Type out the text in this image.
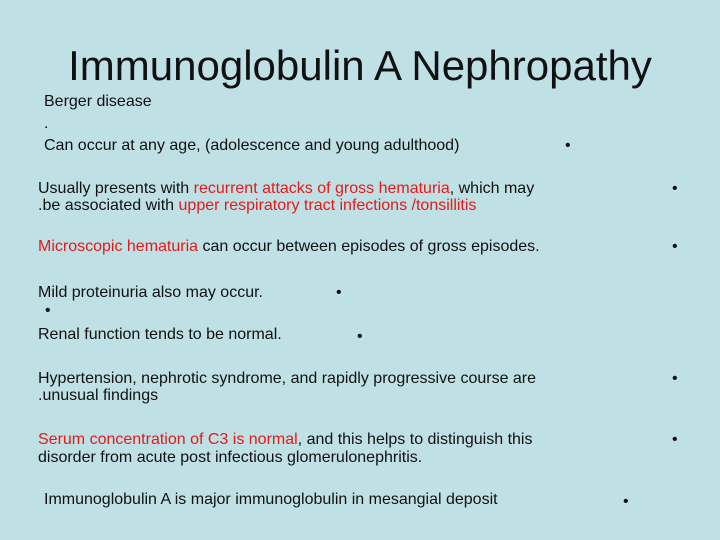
Immunoglobulin A Nephropathy
Berger disease
.
Can occur at any age, (adolescence and young adulthood)	•
Usually presents with recurrent attacks of gross hematuria, which may
.be associated with upper respiratory tract infections /tonsillitis
•
Microscopic hematuria can occur between episodes of gross episodes.	•
Mild proteinuria also may occur.	•
•
Renal function tends to be normal.	•
Hypertension, nephrotic syndrome, and rapidly progressive course are
.unusual findings
•
Serum concentration of C3 is normal, and this helps to distinguish this
disorder from acute post infectious glomerulonephritis.
•
Immunoglobulin A is major immunoglobulin in mesangial deposit	•
